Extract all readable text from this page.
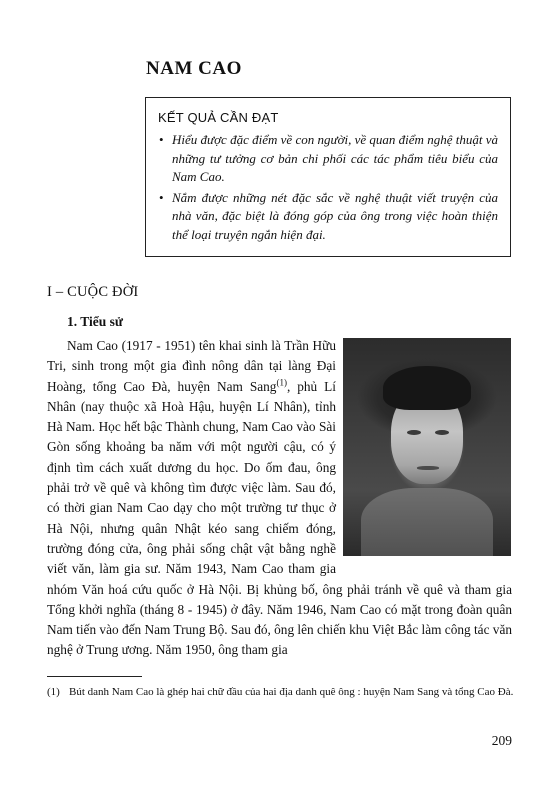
NAM CAO
KẾT QUẢ CẦN ĐẠT
• Hiểu được đặc điểm về con người, về quan điểm nghệ thuật và những tư tưởng cơ bản chi phối các tác phẩm tiêu biểu của Nam Cao.
• Nắm được những nét đặc sắc về nghệ thuật viết truyện của nhà văn, đặc biệt là đóng góp của ông trong việc hoàn thiện thể loại truyện ngắn hiện đại.
I – CUỘC ĐỜI
1. Tiểu sử

Nam Cao (1917 - 1951) tên khai sinh là Trần Hữu Tri, sinh trong một gia đình nông dân tại làng Đại Hoàng, tổng Cao Đà, huyện Nam Sang$^{(1)}$, phủ Lí Nhân (nay thuộc xã Hoà Hậu, huyện Lí Nhân), tỉnh Hà Nam. Học hết bậc Thành chung, Nam Cao vào Sài Gòn sống khoảng ba năm với một người cậu, có ý định tìm cách xuất dương du học. Do ốm đau, ông phải trở về quê và không tìm được việc làm. Sau đó, có thời gian Nam Cao dạy cho một trường tư thục ở Hà Nội, nhưng quân Nhật kéo sang chiếm đóng, trường đóng cửa, ông phải sống chật vật bằng nghề viết văn, làm gia sư. Năm 1943, Nam Cao tham gia nhóm Văn hoá cứu quốc ở Hà Nội. Bị khủng bố, ông phải tránh về quê và tham gia Tổng khởi nghĩa (tháng 8 - 1945) ở đây. Năm 1946, Nam Cao có mặt trong đoàn quân Nam tiến vào đến Nam Trung Bộ. Sau đó, ông lên chiến khu Việt Bắc làm công tác văn nghệ ở Trung ương. Năm 1950, ông tham gia

(1) Bút danh Nam Cao là ghép hai chữ đầu của hai địa danh quê ông : huyện Nam Sang và tổng Cao Đà.

209
